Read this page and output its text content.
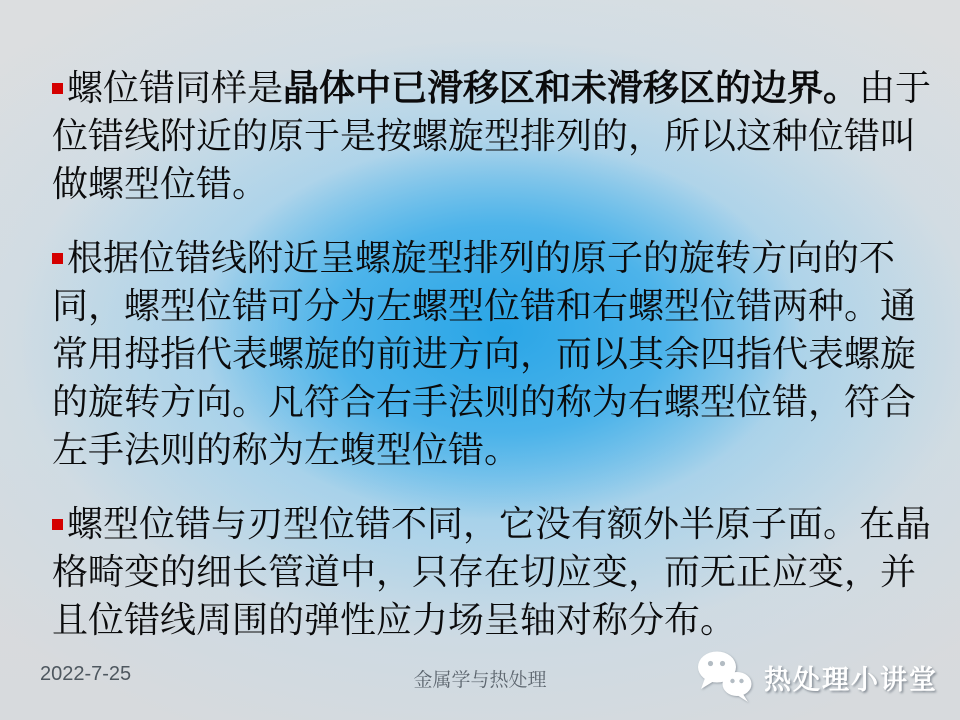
螺位错同样是晶体中已滑移区和未滑移区的边界。由于位错线附近的原于是按螺旋型排列的，所以这种位错叫做螺型位错。

根据位错线附近呈螺旋型排列的原子的旋转方向的不同，螺型位错可分为左螺型位错和右螺型位错两种。通常用拇指代表螺旋的前进方向，而以其余四指代表螺旋的旋转方向。凡符合右手法则的称为右螺型位错，符合左手法则的称为左蝮型位错。

螺型位错与刃型位错不同，它没有额外半原子面。在晶格畸变的细长管道中，只存在切应变，而无正应变，并且位错线周围的弹性应力场呈轴对称分布。

2022-7-25	金属学与热处理	热处理小讲堂
